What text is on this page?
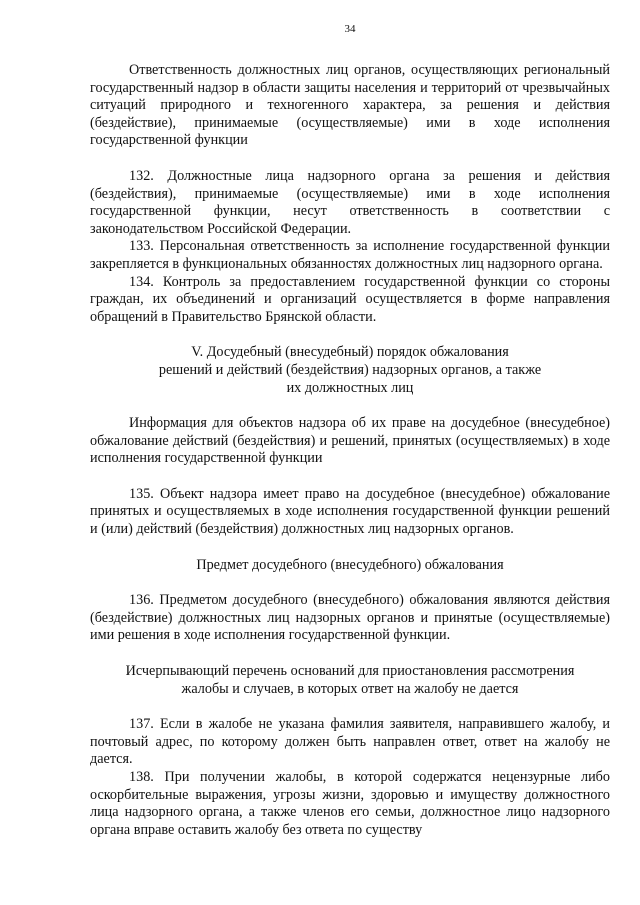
34

Ответственность должностных лиц органов, осуществляющих региональный государственный надзор в области защиты населения и территорий от чрезвычайных ситуаций природного и техногенного характера, за решения и действия (бездействие), принимаемые (осуществляемые) ими в ходе исполнения государственной функции

132. Должностные лица надзорного органа за решения и действия (бездействия), принимаемые (осуществляемые) ими в ходе исполнения государственной функции, несут ответственность в соответствии с законодательством Российской Федерации.

133. Персональная ответственность за исполнение государственной функции закрепляется в функциональных обязанностях должностных лиц надзорного органа.

134. Контроль за предоставлением государственной функции со стороны граждан, их объединений и организаций осуществляется в форме направления обращений в Правительство Брянской области.

V. Досудебный (внесудебный) порядок обжалования
решений и действий (бездействия) надзорных органов, а также
их должностных лиц

Информация для объектов надзора об их праве на досудебное (внесудебное) обжалование действий (бездействия) и решений, принятых (осуществляемых) в ходе исполнения государственной функции

135. Объект надзора имеет право на досудебное (внесудебное) обжалование принятых и осуществляемых в ходе исполнения государственной функции решений и (или) действий (бездействия) должностных лиц надзорных органов.

Предмет досудебного (внесудебного) обжалования

136. Предметом досудебного (внесудебного) обжалования являются действия (бездействие) должностных лиц надзорных органов и принятые (осуществляемые) ими решения в ходе исполнения государственной функции.

Исчерпывающий перечень оснований для приостановления рассмотрения
жалобы и случаев, в которых ответ на жалобу не дается

137. Если в жалобе не указана фамилия заявителя, направившего жалобу, и почтовый адрес, по которому должен быть направлен ответ, ответ на жалобу не дается.

138. При получении жалобы, в которой содержатся нецензурные либо оскорбительные выражения, угрозы жизни, здоровью и имуществу должностного лица надзорного органа, а также членов его семьи, должностное лицо надзорного органа вправе оставить жалобу без ответа по существу
